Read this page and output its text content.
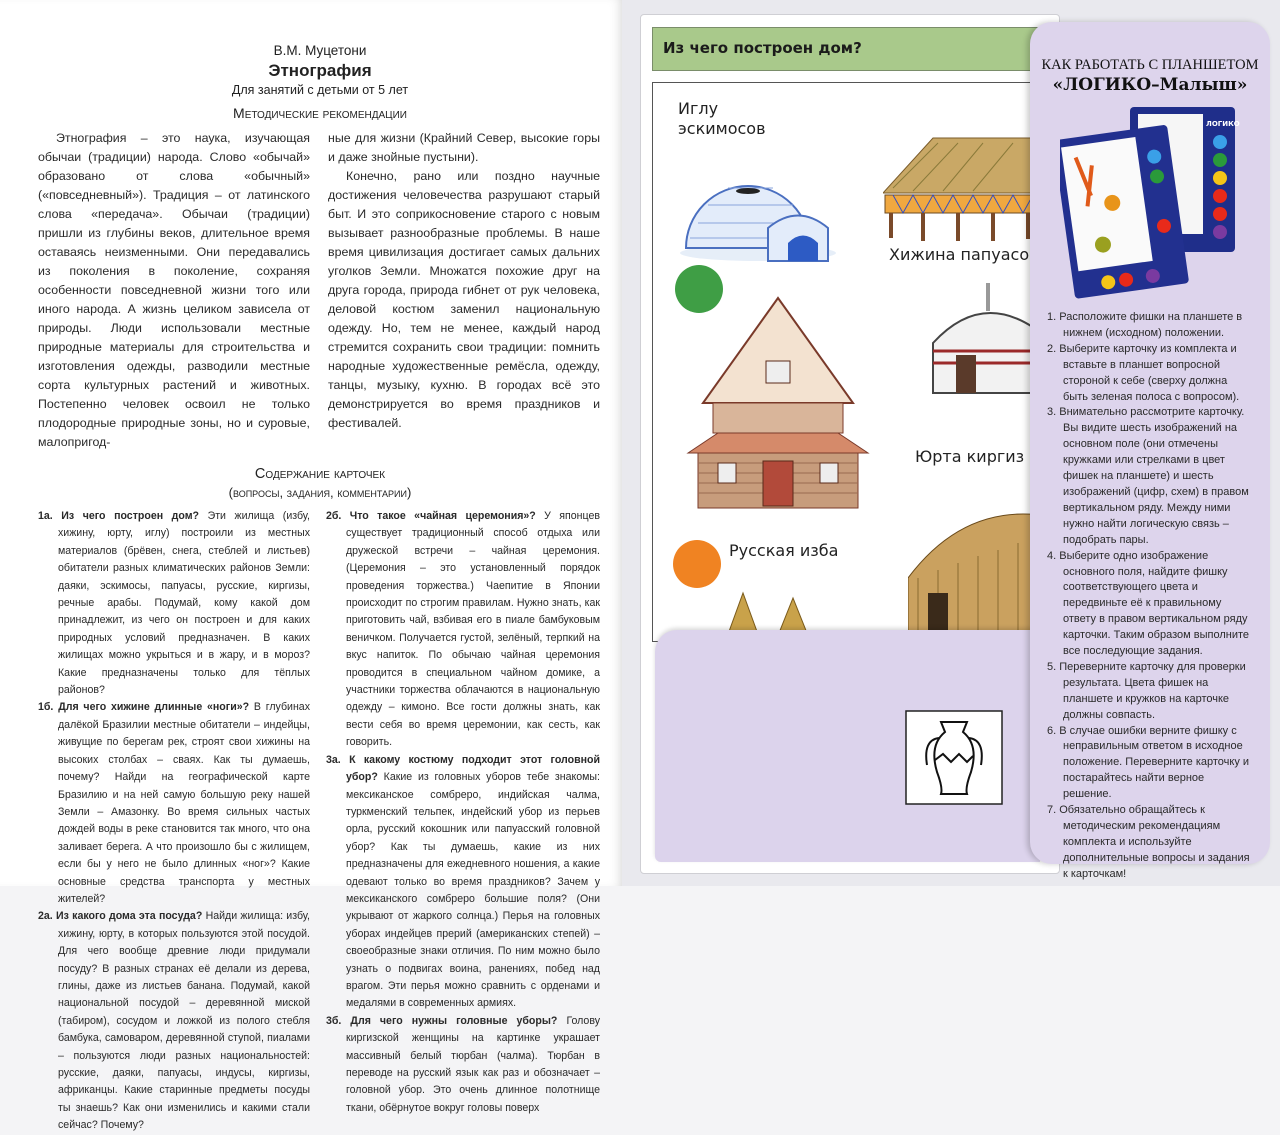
В.М. Муцетони
Этнография
Для занятий с детьми от 5 лет
Методические рекомендации

Этнография – это наука, изучающая обычаи (традиции) народа. Слово «обычай» образовано от слова «обычный» («повседневный»). Традиция – от латинского слова «передача». Обычаи (традиции) пришли из глубины веков, длительное время оставаясь неизменными. Они передавались из поколения в поколение, сохраняя особенности повседневной жизни того или иного народа. А жизнь целиком зависела от природы. Люди использовали местные природные материалы для строительства и изготовления одежды, разводили местные сорта культурных растений и животных. Постепенно человек освоил не только плодородные природные зоны, но и суровые, малопригод-

ные для жизни (Крайний Север, высокие горы и даже знойные пустыни).

Конечно, рано или поздно научные достижения человечества разрушают старый быт. И это соприкосновение старого с новым вызывает разнообразные проблемы. В наше время цивилизация достигает самых дальних уголков Земли. Множатся похожие друг на друга города, природа гибнет от рук человека, деловой костюм заменил национальную одежду. Но, тем не менее, каждый народ стремится сохранить свои традиции: помнить народные художественные ремёсла, одежду, танцы, музыку, кухню. В городах всё это демонстрируется во время праздников и фестивалей.

Содержание карточек
(вопросы, задания, комментарии)
1а. Из чего построен дом? Эти жилища (избу, хижину, юрту, иглу) построили из местных материалов (брёвен, снега, стеблей и листьев) обитатели разных климатических районов Земли: даяки, эскимосы, папуасы, русские, киргизы, речные арабы. Подумай, кому какой дом принадлежит, из чего он построен и для каких природных условий предназначен. В каких жилищах можно укрыться и в жару, и в мороз? Какие предназначены только для тёплых районов?
1б. Для чего хижине длинные «ноги»? В глубинах далёкой Бразилии местные обитатели – индейцы, живущие по берегам рек, строят свои хижины на высоких столбах – сваях. Как ты думаешь, почему? Найди на географической карте Бразилию и на ней самую большую реку нашей Земли – Амазонку. Во время сильных частых дождей воды в реке становится так много, что она заливает берега. А что произошло бы с жилищем, если бы у него не было длинных «ног»? Какие основные средства транспорта у местных жителей?
2а. Из какого дома эта посуда? Найди жилища: избу, хижину, юрту, в которых пользуются этой посудой. Для чего вообще древние люди придумали посуду? В разных странах её делали из дерева, глины, даже из листьев банана. Подумай, какой национальной посудой – деревянной миской (табиром), сосудом и ложкой из полого стебля бамбука, самоваром, деревянной ступой, пиалами – пользуются люди разных национальностей: русские, даяки, папуасы, индусы, киргизы, африканцы. Какие старинные предметы посуды ты знаешь? Как они изменились и какими стали сейчас? Почему?
2б. Что такое «чайная церемония»? У японцев существует традиционный способ отдыха или дружеской встречи – чайная церемония. (Церемония – это установленный порядок проведения торжества.) Чаепитие в Японии происходит по строгим правилам. Нужно знать, как приготовить чай, взбивая его в пиале бамбуковым веничком. Получается густой, зелёный, терпкий на вкус напиток. По обычаю чайная церемония проводится в специальном чайном домике, а участники торжества облачаются в национальную одежду – кимоно. Все гости должны знать, как вести себя во время церемонии, как сесть, как говорить.
3а. К какому костюму подходит этот головной убор? Какие из головных уборов тебе знакомы: мексиканское сомбреро, индийская чалма, туркменский тельпек, индейский убор из перьев орла, русский кокошник или папуасский головной убор? Как ты думаешь, какие из них предназначены для ежедневного ношения, а какие одевают только во время праздников? Зачем у мексиканского сомбреро большие поля? (Они укрывают от жаркого солнца.) Перья на головных уборах индейцев прерий (американских степей) – своеобразные знаки отличия. По ним можно было узнать о подвигах воина, ранениях, побед над врагом. Эти перья можно сравнить с орденами и медалями в современных армиях.
3б. Для чего нужны головные уборы? Голову киргизской женщины на картинке украшает массивный белый тюрбан (чалма). Тюрбан в переводе на русский язык как раз и обозначает – головной убор. Это очень длинное полотнище ткани, обёрнутое вокруг головы поверх
Из чего построен дом?
Иглу
эскимосов
Хижина папуасо
Юрта киргиз
Русская изба
КАК РАБОТАТЬ С ПЛАНШЕТОМ
«ЛОГИКО–Малыш»
ЛОГИКО
1. Расположите фишки на планшете в нижнем (исходном) положении.
2. Выберите карточку из комплекта и вставьте в планшет вопросной стороной к себе (сверху должна быть зеленая полоса с вопросом).
3. Внимательно рассмотрите карточку. Вы видите шесть изображений на основном поле (они отмечены кружками или стрелками в цвет фишек на планшете) и шесть изображений (цифр, схем) в правом вертикальном ряду. Между ними нужно найти логическую связь – подобрать пары.
4. Выберите одно изображение основного поля, найдите фишку соответствующего цвета и передвиньте её к правильному ответу в правом вертикальном ряду карточки. Таким образом выполните все последующие задания.
5. Переверните карточку для проверки результата. Цвета фишек на планшете и кружков на карточке должны совпасть.
6. В случае ошибки верните фишку с неправильным ответом в исходное положение. Переверните карточку и постарайтесь найти верное решение.
7. Обязательно обращайтесь к методическим рекомендациям комплекта и используйте дополнительные вопросы и задания к карточкам!
